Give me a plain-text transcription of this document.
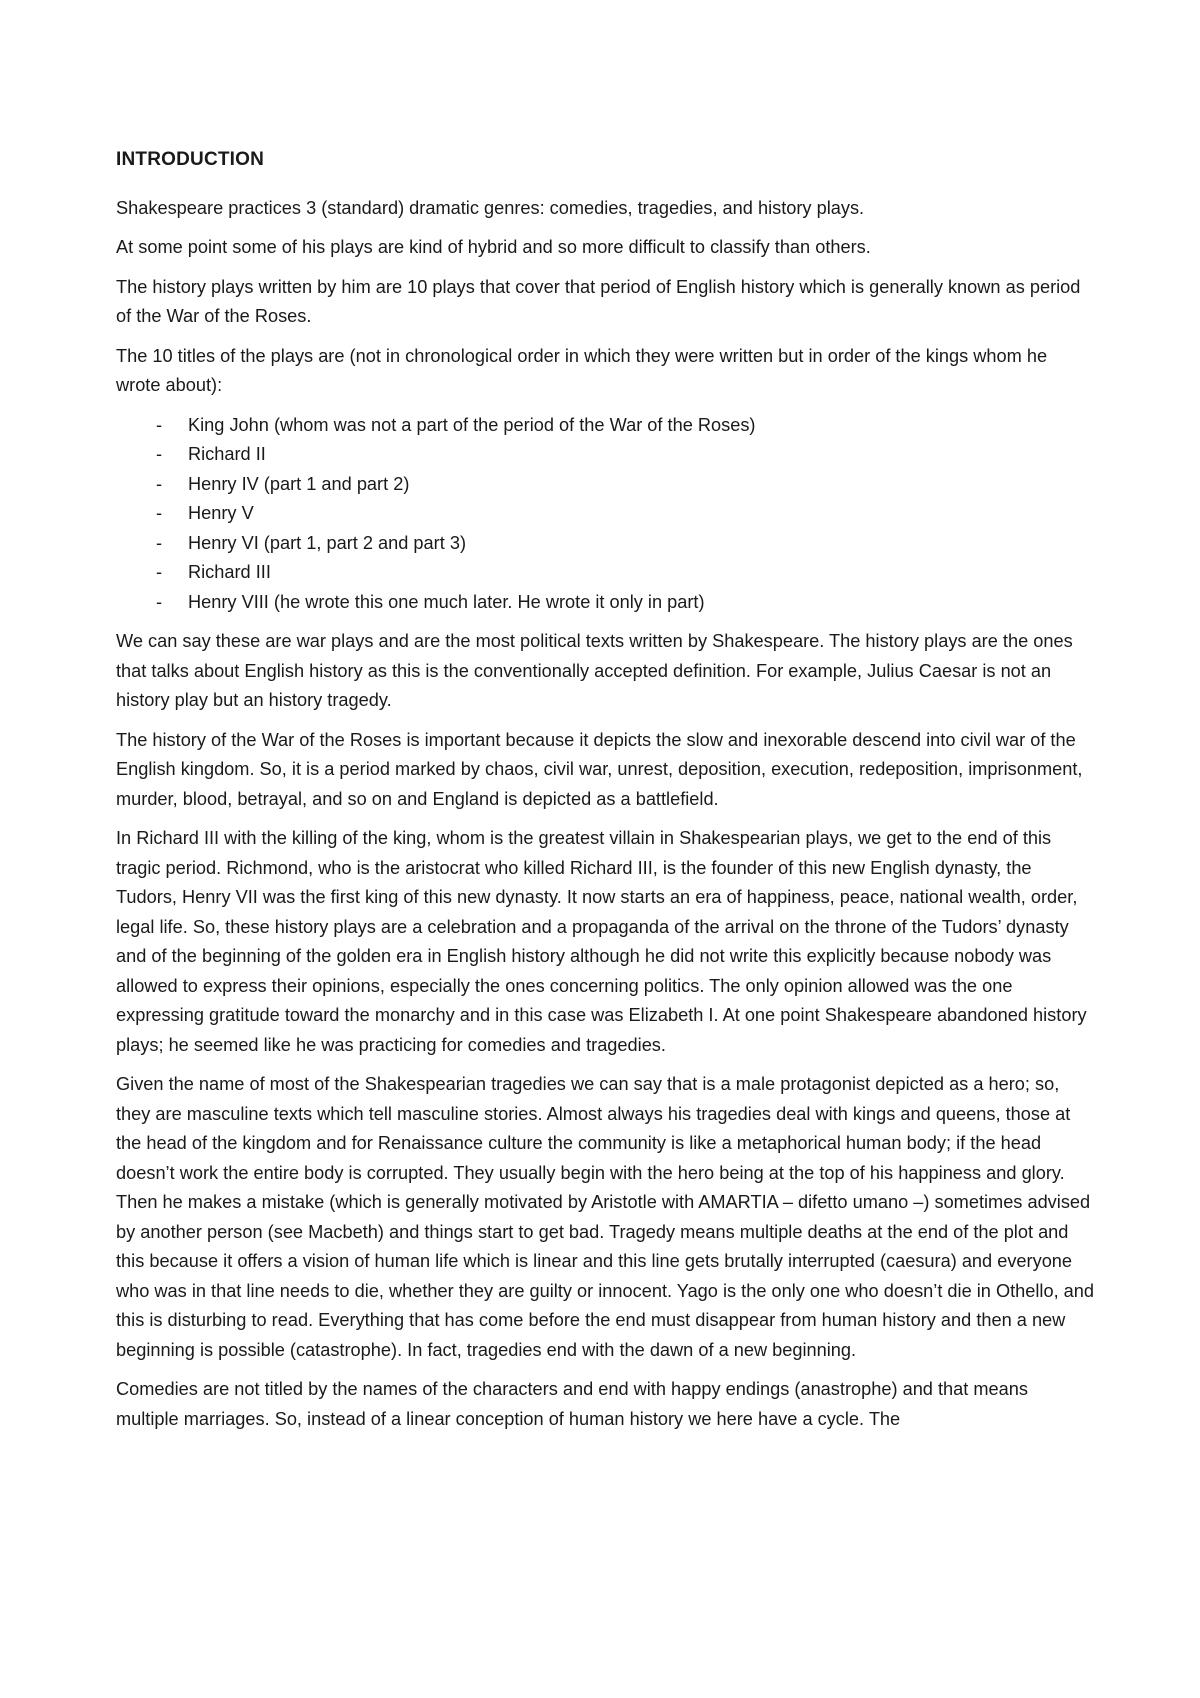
INTRODUCTION

Shakespeare practices 3 (standard) dramatic genres: comedies, tragedies, and history plays.

At some point some of his plays are kind of hybrid and so more difficult to classify than others.

The history plays written by him are 10 plays that cover that period of English history which is generally known as period of the War of the Roses.

The 10 titles of the plays are (not in chronological order in which they were written but in order of the kings whom he wrote about):

- King John (whom was not a part of the period of the War of the Roses)
- Richard II
- Henry IV (part 1 and part 2)
- Henry V
- Henry VI (part 1, part 2 and part 3)
- Richard III
- Henry VIII (he wrote this one much later. He wrote it only in part)

We can say these are war plays and are the most political texts written by Shakespeare. The history plays are the ones that talks about English history as this is the conventionally accepted definition. For example, Julius Caesar is not an history play but an history tragedy.

The history of the War of the Roses is important because it depicts the slow and inexorable descend into civil war of the English kingdom. So, it is a period marked by chaos, civil war, unrest, deposition, execution, redeposition, imprisonment, murder, blood, betrayal, and so on and England is depicted as a battlefield.

In Richard III with the killing of the king, whom is the greatest villain in Shakespearian plays, we get to the end of this tragic period. Richmond, who is the aristocrat who killed Richard III, is the founder of this new English dynasty, the Tudors, Henry VII was the first king of this new dynasty. It now starts an era of happiness, peace, national wealth, order, legal life. So, these history plays are a celebration and a propaganda of the arrival on the throne of the Tudors’ dynasty and of the beginning of the golden era in English history although he did not write this explicitly because nobody was allowed to express their opinions, especially the ones concerning politics. The only opinion allowed was the one expressing gratitude toward the monarchy and in this case was Elizabeth I. At one point Shakespeare abandoned history plays; he seemed like he was practicing for comedies and tragedies.

Given the name of most of the Shakespearian tragedies we can say that is a male protagonist depicted as a hero; so, they are masculine texts which tell masculine stories. Almost always his tragedies deal with kings and queens, those at the head of the kingdom and for Renaissance culture the community is like a metaphorical human body; if the head doesn’t work the entire body is corrupted. They usually begin with the hero being at the top of his happiness and glory. Then he makes a mistake (which is generally motivated by Aristotle with AMARTIA – difetto umano –) sometimes advised by another person (see Macbeth) and things start to get bad. Tragedy means multiple deaths at the end of the plot and this because it offers a vision of human life which is linear and this line gets brutally interrupted (caesura) and everyone who was in that line needs to die, whether they are guilty or innocent. Yago is the only one who doesn’t die in Othello, and this is disturbing to read. Everything that has come before the end must disappear from human history and then a new beginning is possible (catastrophe). In fact, tragedies end with the dawn of a new beginning.

Comedies are not titled by the names of the characters and end with happy endings (anastrophe) and that means multiple marriages. So, instead of a linear conception of human history we here have a cycle. The
